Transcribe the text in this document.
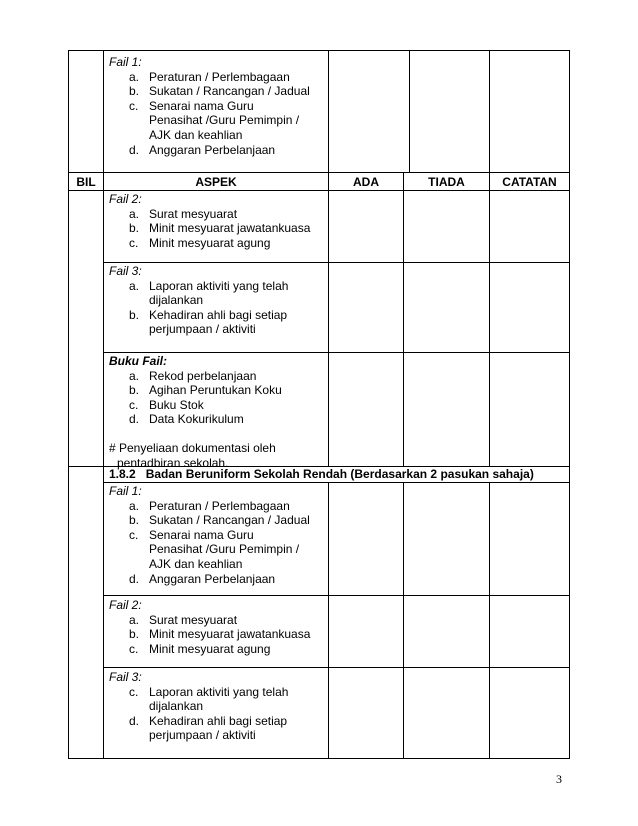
BIL	ASPEK	ADA	TIADA	CATATAN
Fail 1:
a. Peraturan / Perlembagaan
b. Sukatan / Rancangan / Jadual
c. Senarai nama Guru
Penasihat /Guru Pemimpin /
AJK dan keahlian
d. Anggaran Perbelanjaan
Fail 2:
a. Surat mesyuarat
b. Minit mesyuarat jawatankuasa
c. Minit mesyuarat agung
Fail 3:
a. Laporan aktiviti yang telah
dijalankan
b. Kehadiran ahli bagi setiap
perjumpaan / aktiviti
Buku Fail:
a. Rekod perbelanjaan
b. Agihan Peruntukan Koku
c. Buku Stok
d. Data Kokurikulum
# Penyeliaan dokumentasi oleh
pentadbiran sekolah.
1.8.2   Badan Beruniform Sekolah Rendah (Berdasarkan 2 pasukan sahaja)
Fail 1:
a. Peraturan / Perlembagaan
b. Sukatan / Rancangan / Jadual
c. Senarai nama Guru
Penasihat /Guru Pemimpin /
AJK dan keahlian
d. Anggaran Perbelanjaan
Fail 2:
a. Surat mesyuarat
b. Minit mesyuarat jawatankuasa
c. Minit mesyuarat agung
Fail 3:
c. Laporan aktiviti yang telah
dijalankan
d. Kehadiran ahli bagi setiap
perjumpaan / aktiviti
3
